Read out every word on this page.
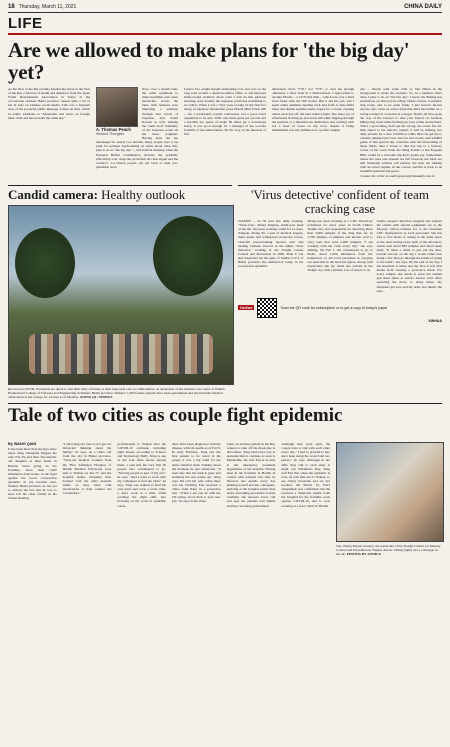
18 Thursday, March 11, 2021	CHINA DAILY
LIFE
Are we allowed to make plans for 'the big day' yet?

As the Year of the Pig recently handed the baton to the Year of the Rat, a fixation of health and dementor from the Japan Youth Development Association in Tokyo to the coronavirus stricken Hubei province caused quite a bit of stir in Asia on Chinese social media. This was a frequent dose of the powerful public message written on mad, which in reality translates to "Mountains and rivers on foreign land, wind and moon under the same sky."

A. Thomas Peach
Second Thoughts

Now, over a month later, the same sentiment to make headlines and cause heartaches across the land, with netizens now imparting a wellness through new levels of Japanese and South Korean as well, making the "same boat" mentality of the Japanese poem all the more poignant. Having been the lap messenger for nearly two months, many people start to be grim for perhaps daydreaming on terms about what they plan to do as "the big day" -- that festival morning when the National Health Commission declares the epidemic effectively over, rings the proverbial all-clear signal and the country's 1.4 billion people can get back to their pre-pandemic lives.

I know I've caught myself fantasizing over and over as the long tails around a skeleton-staffed office or self-imposed home-bound isolation about what I will do that glorious morning. And actually the Japanese poem has something to do with it. When I was a "live" pure rowing on my first in a string of Japanese melodrama years Honda Mini Truck 200 -- not a particularly trendy contraption, but a good travel expedition to be sure. With only three-gears per second and a horrible top speed of under 80 miles (at a downslope hour), it was good enough for a manager of the wooded foothills of the Adirondacks. By the way, in the interests of full

disclosure, that's "T70," not "T70", to save me enough otherwise. I have been in a mind-refusal, I approached to another Honda -- a CT70 this time -- which was over a hard level faster than the 300 model. But it did the job, and I spent entire summers hauling back and forth to base-filled lakes and hidden summer-home slopes for a closer, evening where each day off, the pure remove fight. The sheer joy of effortlessly flowing up and down hill while flipping through the gearbox to a mischievous destination and arriving with not a bead of sweat on my brow despite it being midsummer was my definition of a perfect August

day -- maybe with some CDs or Van Halen in the background to make the scenario. So, in a nutshell, that's what I plan to do on "the big day." I know the Beijing has restrictions on motorcycle riding within various concentric ring roads, and to be quite frank, I just haven't known anyone who owns an actual dead-thin mini motorbike on a racing tourney in a one-tuk in wrapper. Nearly all have gone the way of the Chevy's to take your flatted car backlets hiking ring roads while fetching up your e-bike around here. That's a good thing, don't get me wrong, the ozone fire all-time signal to the nation's capital, it will be making two daily errands for a nice 150,000 or while then can get me to a hearty unimproved river, and yes and woods, and wildlife game. If that special day coincides with the blossoming of those fields, then a bonus to that day trip to a faraway corner of the Great Wall, the Ming Tombs or the Fragrant Hills would be a welcome trip that's gonna say. Somewhere where the trees and streams are full blossom, the birds are still twittering without cell phones, the bees are making with an actual regime, in the corona, and life is back to its beautiful splendid and peace.

Contact the writer at andrewpeach@chinadaily.com.cn

Candid camera: Healthy outlook
Recovered COVID-19 patients are quick to tout their daily activities at their long-term care accommodation, an adaptation of the standard care center at Wuhan Promotional College of Software and Engineering in Wuhan, Hubei province. Wuhan's 1,002 former patients have been quarantined and placed under medical observation at the college for 14 days as of Monday. XIONG QI / XINHUA
'Virus detective' confident of team cracking case

TIANJIN -- At 30 past late daily evening, "Virus-Cup", Zhang Yanjuan, Adult-year head of the lab, has been working round for 14 days. Yanjuan, Zhang Yu, a pair of medical experts, make genes and widespread protective forces, virus-fill base-breaking nuclear acid and dealing cabinets. Known as the unlike "virus detective" working at the Tianjin Centre Control and Prevention in 1998, Yuan Y Cai and researcher hit the gene of SARS-CoV-2 of Hubei province, the number-lab today, in the coronavirus epidemic.

Zhang has been working as a CDC laboratory technician for three years in North China's Tianjin city, and responsible for detecting more than 3,000 samples of the drug thus far, in 1,700 samples of jumpers and nucleic acid to carry tests that were 2,000 samples. "I am working with the virus every day," she says smiling. On Feb 1, she volunteered to go to Enshi, about 1,000 kilometers from her hometown, to aid local personnel in carrying out detection in the hard-hit region. Along with researchers she lay when she arrived in the Tianjin city with a mother, lots of chores to do.

results, prepare detection reagents and analyze the results with special equipment are as the Moonly carbon-contains for to the intestinal CDC headquarters as local personnel. She has four to five hours of resting in the same space as the virus during every shift of the laboratory which took about 600 samples and detect them daily. "It takes a while to just put the shirt, bottom and set, so the day I would rather lose doing a few than go through the hassle of going to the toilet," she says. By the end of the day, I am stretched at times and my face is left with marks from wearing a protective mask. For every sample, she needs to press the sample gun three times to extract nucleic acid. After repeating the move so many times, my shoulders get sore and my arms feel numb, she says.

Online	Scan the QR code for subscription or to get a copy of today's paper
XINHUA
Tale of two cities as couple fight epidemic
By WANG QIAN

It has been more than 44 days since nurse Xing Zhongzhe hugged his wife Fan Yu and their five-month-old daughter at their home in Harbin. Since going on the frontline, more than 1,000 kilometers from home, in the fight against the novel coronavirus epidemic in the hard-hit area, Wuhan, Hubei province, he has yet to address the fact that he was to have left his other family in his virtual meeting.

"I am trying my best to not get too distracted thinking about my family," he says, on a video call from the city in Hubei province. "Sixty-six medical workers from the First Affiliated Hospital of Harbin Medical University were sent to Wuhan on Jan 27, and the hospital teams, including him, bonded with the other hospital teams as they tried with inoculations to help counter the coronavirus."

professionals to Wuhan after the COVID-19 outbreak, including eight nurses, according to Science and Technology Daily. Xing is one of the four male nurses among them, a task that the very first 20 people who volunteered to go. "Serving people is part of my job," he says, "And I want to work with my colleagues to beat the virus," he says. Xing was trained to hold his own space and cover a work order, a day's work at a time, while working the night shift, he's focusing on his work in epidemic wards.

there have been diagnosed with the disease, with six deaths as of Feb 9. In early February, Xing saw the first patient to be cured in his group; it was a big relief for the entire medical team. Talking about the moment, he gets emotional. "It feels like that the dark is gone and suddenly the sun comes up," Xing says. He told his wife when there was her birthday, Fan received a video from Xing in a protective suit. "When I see you be with me I'm trying. Good luck to your new job," he says in the video.

Chen, an anxious patient in his 80s, wanted to take off his mask due to discomfort. Xing tried every way to persuade him to continue to wear it. Meanwhile, his wife Fan is on duty at the emergency treatment department of her hospital. Having been in the frontline in Harbin in contact with patients who may be infected, she spends every day pushing herself and her colleagues. Arriving at the hospital earlier than usual, and taking preventive actions carefully, she answers every call and sees the patients and admits and they are being quarantined.

Although they were apart, the couple tries to talk with each other every day. "I feel so grateful to her, she's been doing the work from two places," he says. Although in her shift, they talk to each other at night. On Valentine's Day, Xing told Fan that when the epidemic is over, he will take her to Wuhan, to see cherry blossoms and eat dry noodles. On March 10, Fan's assignment was confirmed and she received a memorial medal from her hospital for the frontline work against COVID-19, and is now working at a fever clinic in Harbin.

Top: Zhang Yujuan (center), the researcher of the Tianjin Centers for Disease Control and Prevention in Tianjin. Above: Zhang (right) and a colleague in the lab. PHOTOS BY XINHUA
